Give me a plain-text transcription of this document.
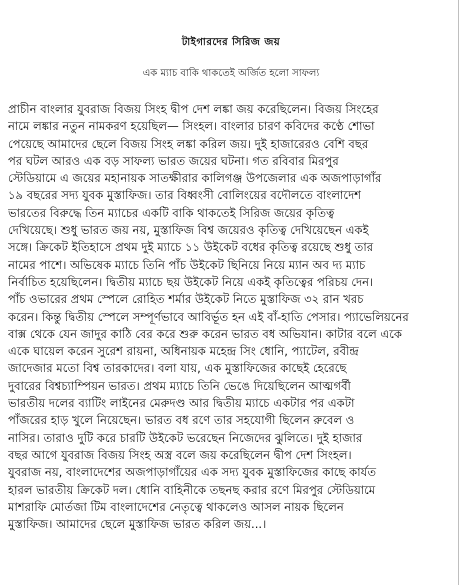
টাইগারদের সিরিজ জয়
এক ম্যাচ বাকি থাকতেই অর্জিত হলো সাফল্য
প্রাচীন বাংলার যুবরাজ বিজয় সিংহ দ্বীপ দেশ লঙ্কা জয় করেছিলেন। বিজয় সিংহের
নামে লঙ্কার নতুন নামকরণ হয়েছিল— সিংহল। বাংলার চারণ কবিদের কণ্ঠে শোভা
পেয়েছে আমাদের ছেলে বিজয় সিংহ লঙ্কা করিল জয়। দুই হাজারেরও বেশি বছর
পর ঘটল আরও এক বড় সাফল্য ভারত জয়ের ঘটনা। গত রবিবার মিরপুর
স্টেডিয়ামে এ জয়ের মহানায়ক সাতক্ষীরার কালিগঞ্জ উপজেলার এক অজপাড়াগাঁর
১৯ বছরের সদ্য যুবক মুস্তাফিজ। তার বিধ্বংসী বোলিংয়ের বদৌলতে বাংলাদেশ
ভারতের বিরুদ্ধে তিন ম্যাচের একটি বাকি থাকতেই সিরিজ জয়ের কৃতিত্ব
দেখিয়েছে। শুধু ভারত জয় নয়, মুস্তাফিজ বিশ্ব জয়েরও কৃতিত্ব দেখিয়েছেন একই
সঙ্গে। ক্রিকেট ইতিহাসে প্রথম দুই ম্যাচে ১১ উইকেট বধের কৃতিত্ব রয়েছে শুধু তার
নামের পাশে। অভিষেক ম্যাচে তিনি পাঁচ উইকেট ছিনিয়ে নিয়ে ম্যান অব দ্য ম্যাচ
নির্বাচিত হয়েছিলেন। দ্বিতীয় ম্যাচে ছয় উইকেট নিয়ে একই কৃতিত্বের পরিচয় দেন।
পাঁচ ওভারের প্রথম স্পেলে রোহিত শর্মার উইকেট নিতে মুস্তাফিজ ৩২ রান খরচ
করেন। কিন্তু দ্বিতীয় স্পেলে সম্পূর্ণভাবে আবির্ভূত হন এই বাঁ-হাতি পেসার। প্যাভেলিয়নের
বাক্স থেকে যেন জাদুর কাঠি বের করে শুরু করেন ভারত বধ অভিযান। কাটার বলে একে
একে ঘায়েল করেন সুরেশ রায়না, অধিনায়ক মহেন্দ্র সিং ধোনি, প্যাটেল, রবীন্দ্র
জাদেজার মতো বিশ্ব তারকাদের। বলা যায়, এক মুস্তাফিজের কাছেই হেরেছে
দুবারের বিশ্বচ্যাম্পিয়ন ভারত। প্রথম ম্যাচে তিনি ভেঙে দিয়েছিলেন আত্মগর্বী
ভারতীয় দলের ব্যাটিং লাইনের মেরুদণ্ড আর দ্বিতীয় ম্যাচে একটার পর একটা
পাঁজরের হাড় খুলে নিয়েছেন। ভারত বধ রণে তার সহযোগী ছিলেন রুবেল ও
নাসির। তারাও দুটি করে চারটি উইকেট ভরেছেন নিজেদের ঝুলিতে। দুই হাজার
বছর আগে যুবরাজ বিজয় সিংহ অস্ত্র বলে জয় করেছিলেন দ্বীপ দেশ সিংহল।
যুবরাজ নয়, বাংলাদেশের অজপাড়াগাঁয়ের এক সদ্য যুবক মুস্তাফিজের কাছে কার্যত
হারল ভারতীয় ক্রিকেট দল। ধোনি বাহিনীকে তছনছ করার রণে মিরপুর স্টেডিয়ামে
মাশরাফি মোর্তজা টিম বাংলাদেশের নেতৃত্বে থাকলেও আসল নায়ক ছিলেন
মুস্তাফিজ। আমাদের ছেলে মুস্তাফিজ ভারত করিল জয়...।
